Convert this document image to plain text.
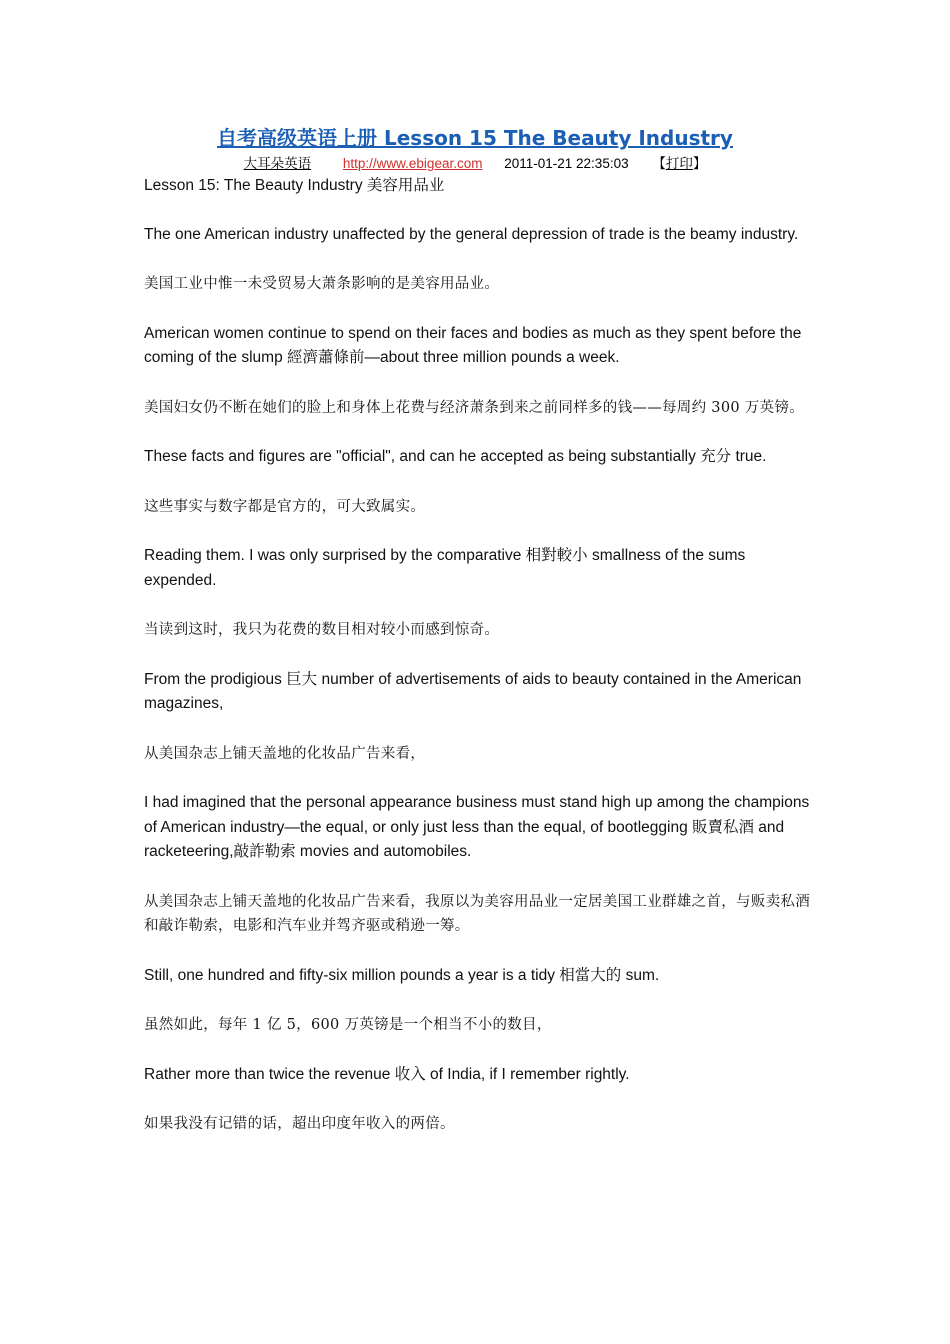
自考高级英语上册 Lesson 15 The Beauty Industry
大耳朵英语 http://www.ebigear.com 2011-01-21 22:35:03 【打印】

Lesson 15: The Beauty Industry 美容用品业

The one American industry unaffected by the general depression of trade is the beamy industry.

美国工业中惟一未受贸易大萧条影响的是美容用品业。

American women continue to spend on their faces and bodies as much as they spent before the coming of the slump 經濟蕭條前—about three million pounds a week.

美国妇女仍不断在她们的脸上和身体上花费与经济萧条到来之前同样多的钱——每周约 300 万英镑。

These facts and figures are "official", and can he accepted as being substantially 充分 true.

这些事实与数字都是官方的，可大致属实。

Reading them. I was only surprised by the comparative 相對較小 smallness of the sums expended.

当读到这时，我只为花费的数目相对较小而感到惊奇。

From the prodigious 巨大 number of advertisements of aids to beauty contained in the American magazines,

从美国杂志上铺天盖地的化妆品广告来看，

I had imagined that the personal appearance business must stand high up among the champions of American industry—the equal, or only just less than the equal, of bootlegging 販賣私酒 and racketeering,敲詐勒索 movies and automobiles.

从美国杂志上铺天盖地的化妆品广告来看，我原以为美容用品业一定居美国工业群雄之首，与贩卖私酒和敲诈勒索，电影和汽车业并驾齐驱或稍逊一筹。

Still, one hundred and fifty-six million pounds a year is a tidy 相當大的 sum.

虽然如此，每年 1 亿 5，600 万英镑是一个相当不小的数目，

Rather more than twice the revenue 收入 of India, if I remember rightly.

如果我没有记错的话，超出印度年收入的两倍。
